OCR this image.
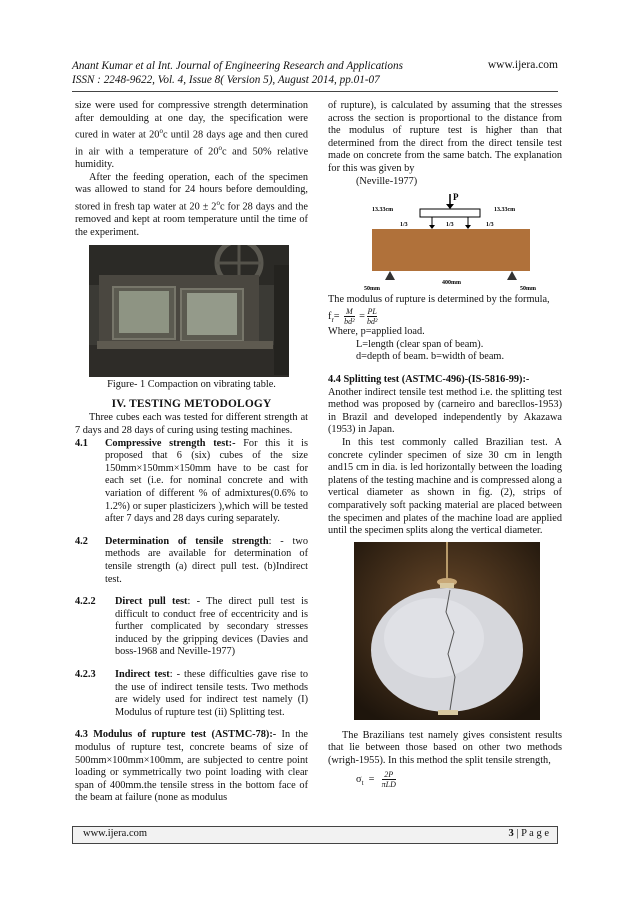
Anant Kumar et al Int. Journal of Engineering Research and Applications
ISSN : 2248-9622, Vol. 4, Issue 8( Version 5), August 2014, pp.01-07
www.ijera.com

size were used for compressive strength determination after demoulding at one day, the specification were cured in water at 20$^o$c until 28 days age and then cured in air with a temperature of 20$^o$c and 50% relative humidity.

After the feeding operation, each of the specimen was allowed to stand for 24 hours before demoulding, stored in fresh tap water at $20 \pm 2^oc$ for 28 days and the removed and kept at room temperature until the time of the experiment.

Figure- 1 Compaction on vibrating table.

IV. TESTING METODOLOGY

Three cubes each was tested for different strength at 7 days and 28 days of curing using testing machines.

4.1	Compressive strength test:- For this it is proposed that 6 (six) cubes of the size 150mm×150mm×150mm have to be cast for each set (i.e. for nominal concrete and with variation of different % of admixtures(0.6% to 1.2%) or super plasticizers ),which will be tested after 7 days and 28 days curing separately.
4.2	Determination of tensile strength: - two methods are available for determination of tensile strength (a) direct pull test. (b)Indirect test.
4.2.2	Direct pull test: - The direct pull test is difficult to conduct free of eccentricity and is further complicated by secondary stresses induced by the gripping devices (Davies and boss-1968 and Neville-1977)
4.2.3	Indirect test: - these difficulties gave rise to the use of indirect tensile tests. Two methods are widely used for indirect test namely (I) Modulus of rupture test (ii) Splitting test.

4.3 Modulus of rupture test (ASTMC-78):- In the modulus of rupture test, concrete beams of size of 500mm×100mm×100mm, are subjected to centre point loading or symmetrically two point loading with clear span of 400mm.the tensile stress in the bottom face of the beam at failure (none as modulus

of rupture), is calculated by assuming that the stresses across the section is proportional to the distance from the modulus of rupture test is higher than that determined from the direct from the direct tensile test made on concrete from the same batch. The explanation for this was given by

(Neville-1977)

P
13.33cm	13.33cm
1/3	1/3	1/3
50mm
400mm
50mm

The modulus of rupture is determined by the formula,

$f_r= \frac{M}{\text{bd²}} = \frac{PL}{\text{bd²}}$

Where, p=applied load.

L=length (clear span of beam).

d=depth of beam. b=width of beam.

4.4 Splitting test (ASTMC-496)-(IS-5816-99):-

Another indirect tensile test method i.e. the splitting test method was proposed by (carneiro and barecllos-1953) in Brazil and developed independently by Akazawa (1953) in Japan.

In this test commonly called Brazilian test. A concrete cylinder specimen of size 30 cm in length and15 cm in dia. is led horizontally between the loading platens of the testing machine and is compressed along a vertical diameter as shown in fig. (2), strips of comparatively soft packing material are placed between the specimen and plates of the machine load are applied until the specimen splits along the vertical diameter.

The Brazilians test namely gives consistent results that lie between those based on other two methods (wrigh-1955). In this method the split tensile strength,

$\sigma_t = 2P$
πLD

www.ijera.com	3 | P a g e
